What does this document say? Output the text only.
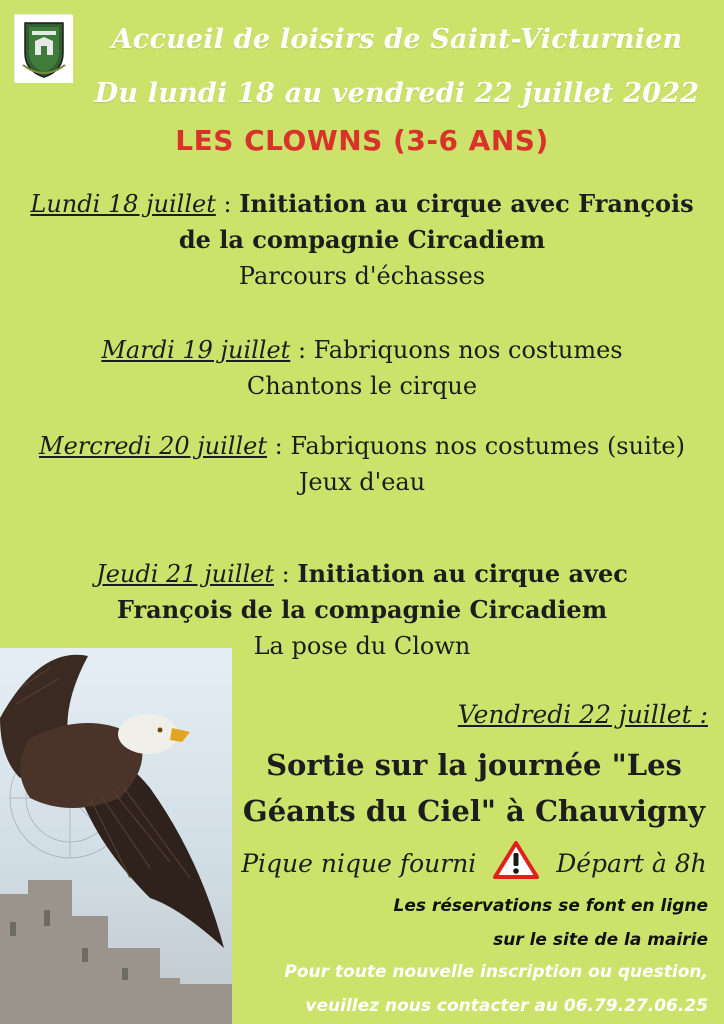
Accueil de loisirs de Saint-Victurnien
Du lundi 18 au vendredi 22 juillet 2022
LES CLOWNS (3-6 ANS)

Lundi 18 juillet : Initiation au cirque avec François

de la compagnie Circadiem

Parcours d'échasses

Mardi 19 juillet : Fabriquons nos costumes

Chantons le cirque

Mercredi 20 juillet : Fabriquons nos costumes (suite)

Jeux d'eau

Jeudi 21 juillet : Initiation au cirque avec

François de la compagnie Circadiem

La pose du Clown

Vendredi 22 juillet :
Sortie sur la journée "Les
Géants du Ciel" à Chauvigny
Pique nique fourni	Départ à 8h
Les réservations se font en ligne
sur le site de la mairie
Pour toute nouvelle inscription ou question,
veuillez nous contacter au 06.79.27.06.25
